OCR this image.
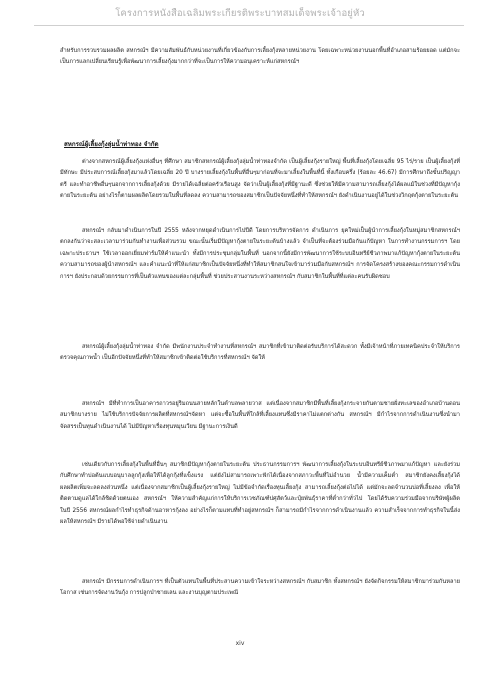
โครงการหนังสือเฉลิมพระเกียรติพระบาทสมเด็จพระเจ้าอยู่หัว

สำหรับการรวบรวมผลผลิต สหกรณ์ฯ มีความสัมพันธ์กับหน่วยงานที่เกี่ยวข้องกับการเลี้ยงกุ้งหลายหน่วยงาน โดยเฉพาะหน่วยงานนอกพื้นที่อำเภอสามร้อยยอด แต่มักจะเป็นการแลกเปลี่ยนเรียนรู้เพื่อพัฒนาการเลี้ยงกุ้งมากกว่าที่จะเป็นการให้ความอนุเคราะห์แก่สหกรณ์ฯ

สหกรณ์ผู้เลี้ยงกุ้งลุ่มน้ำท่าทอง จำกัด

ต่างจากสหกรณ์ผู้เลี้ยงกุ้งแห่งอื่นๆ ที่ศึกษา สมาชิกสหกรณ์ผู้เลี้ยงกุ้งลุ่มน้ำท่าทองจำกัด เป็นผู้เลี้ยงกุ้งรายใหญ่ พื้นที่เลี้ยงกุ้งโดยเฉลี่ย 95 ไร่/ราย เป็นผู้เลี้ยงกุ้งที่มีทักษะ มีประสบการณ์เลี้ยงกุ้งมาแล้วโดยเฉลี่ย 20 ปี บางรายเลี้ยงกุ้งในพื้นที่อื่นๆมาก่อนที่จะมาเลี้ยงในพื้นที่นี้ ทั้งเกือบครึ่ง (ร้อยละ 46.67) มีการศึกษาถึงขั้นปริญญาตรี และทำอาชีพอื่นๆนอกจากการเลี้ยงกุ้งด้วย มีรายได้เฉลี่ยต่อครัวเรือนสูง จัดว่าเป็นผู้เลี้ยงกุ้งที่มีฐานะดี ซึ่งช่วยให้มีความสามารถเลี้ยงกุ้งได้ผลแม้ในช่วงที่มีปัญหากุ้งตายในระยะต้น อย่างไรก็ตามผลผลิตโดยรวมในพื้นที่ลดลง ความสามารถของสมาชิกเป็นปัจจัยหนึ่งที่ทำให้สหกรณ์ฯ ยังดำเนินงานอยู่ได้ในช่วงวิกฤตกุ้งตายในระยะต้น

สหกรณ์ฯ กลับมาดำเนินการในปี 2555 หลังจากหยุดดำเนินการไปปีดี โดยการบริหารจัดการ ดำเนินการ ยุคใหม่เป็นผู้นำการเลี้ยงกุ้งในหมู่สมาชิกสหกรณ์ฯ ตกลงกันว่าจะสละเวลามาร่วมกันทำงานเพื่อส่วนรวม ขณะนั้นเริ่มมีปัญหากุ้งตายในระยะต้นบ้างแล้ว จำเป็นที่จะต้องร่วมมือกันแก้ปัญหา ในการทำงานกรรมการฯ โดยเฉพาะประธานฯ ใช้เวลาออกเยี่ยมฟาร์มให้คำแนะนำ ทั้งมีการประชุมกลุ่มในพื้นที่ นอกจากนี้ยังมีการพัฒนาการใช้ระบบอินทรีย์ชีวภาพมาแก้ปัญหากุ้งตายในระยะต้น ความสามารถของผู้นำสหกรณ์ฯ และคำแนะนำที่ให้แก่สมาชิกเป็นปัจจัยหนึ่งที่ทำให้สมาชิกสนใจเข้ามาร่วมมือกับสหกรณ์ฯ การจัดโครงสร้างของคณะกรรมการดำเนินการฯ ยังประกอบด้วยกรรมการที่เป็นตัวแทนของแต่ละกลุ่มพื้นที่ ช่วยประสานงานระหว่างสหกรณ์ฯ กับสมาชิกในพื้นที่ที่แต่ละคนรับผิดชอบ

สหกรณ์ผู้เลี้ยงกุ้งลุ่มน้ำท่าทอง จำกัด มีพนักงานประจำทำงานที่สหกรณ์ฯ สมาชิกที่เข้ามาติดต่อรับบริการได้สะดวก ทั้งมีเจ้าหน้าที่ภายเทคนิคประจำให้บริการตรวจคุณภาพน้ำ เป็นอีกปัจจัยหนึ่งที่ทำให้สมาชิกเข้าติดต่อใช้บริการที่สหกรณ์ฯ จัดให้

สหกรณ์ฯ มีที่ทำการเป็นอาคารถาวรอยู่ริมถนนสายหลักในตำบลพลายวาส แต่เนื่องจากสมาชิกมีพื้นที่เลี้ยงกุ้งกระจายกันตามชายฝั่งทะเลของอำเภอบ้านดอน สมาชิกบางราย ไม่ใช้บริการปัจจัยการผลิตที่สหกรณ์ฯจัดหา แต่จะซื้อในพื้นที่ใกล้ที่เลี้ยงแทนซึ่งมีราคาไม่แตกต่างกัน สหกรณ์ฯ มีกำไรจากการดำเนินงานซึ่งนำมาจัดสรรเป็นทุนดำเนินงานได้ ไม่มีปัญหาเรื่องทุนหมุนเวียน มีฐานะการเงินดี

เช่นเดียวกับการเลี้ยงกุ้งในพื้นที่อื่นๆ สมาชิกมีปัญหากุ้งตายในระยะต้น ประธานกรรมการฯ พัฒนาการเลี้ยงกุ้งในระบบอินทรีย์ชีวภาพมาแก้ปัญหา และยังร่วมกับศึกษาทำบ่อต้นแบบอนุบาลลูกกุ้งเพื่อให้ได้ลูกกุ้งที่แข็งแรง แต่ยังไม่สามารถเพาะฟักได้เนื่องจากสภาวะพื้นที่ไม่อำนวย น้ำมีความเค็มต่ำ สมาชิกยังคงเลี้ยงกุ้งได้ผลผลิตเพิ่มจะลดลงส่วนหนึ่ง แต่เนื่องจากสมาชิกเป็นผู้เลี้ยงกุ้งรายใหญ่ ไม่มีข้อจำกัดเรื่องทุนเลี้ยงกุ้ง สามารถเลี้ยงกุ้งต่อไปได้ แต่มักจะลดจำนวนบ่อที่เลี้ยงลง เพื่อให้ติดตามดูแลได้ใกล้ชิดด้วยตนเอง สหกรณ์ฯ ให้ความสำคัญแก่การให้บริการเวชภัณฑ์ปศุสัตว์และปุ๋ยพันธุ์ราคาที่ต่ำกว่าทั่วไป โดยได้รับความร่วมมือจากบริษัทผู้ผลิต ในปี 2556 สหกรณ์ผลกำไรทำธุรกิจด้านอาหารกุ้งลง อย่างไรก็ตามแทบที่ทำอยู่สหกรณ์ฯ ก็สามารถมีกำไรจากการดำเนินงานแล้ว ความสำเร็จจากการทำธุรกิจในนี้ส่งผลให้สหกรณ์ฯ มีรายได้พอใช้จ่ายดำเนินงาน

สหกรณ์ฯ มีกรรมการดำเนินการฯ ที่เป็นตัวแทนในพื้นที่ประสานความเข้าใจระหว่างสหกรณ์ฯ กับสมาชิก ทั้งสหกรณ์ฯ ยังจัดกิจกรรมให้สมาชิกมาร่วมกันหลายโอกาส เช่นการจัดงานวันกุ้ง การปลูกป่าชายเลน และงานบุญตามประเพณี

xiv
